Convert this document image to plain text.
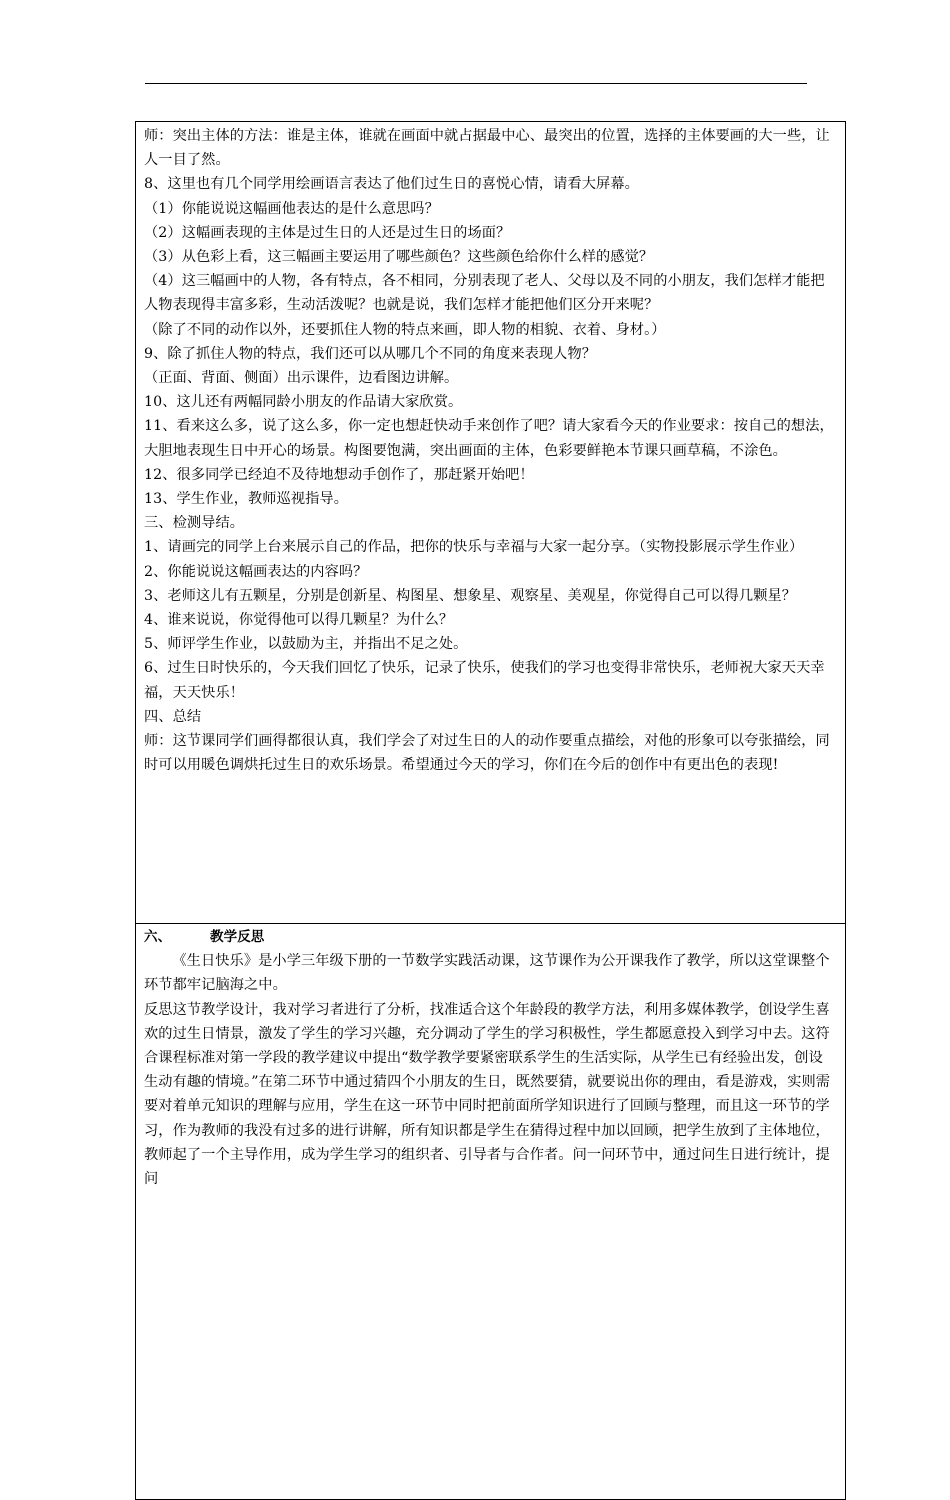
师：突出主体的方法：谁是主体，谁就在画面中就占据最中心、最突出的位置，选择的主体要画的大一些，让人一目了然。
8、这里也有几个同学用绘画语言表达了他们过生日的喜悦心情，请看大屏幕。
（1）你能说说这幅画他表达的是什么意思吗？
（2）这幅画表现的主体是过生日的人还是过生日的场面？
（3）从色彩上看，这三幅画主要运用了哪些颜色？这些颜色给你什么样的感觉？
（4）这三幅画中的人物，各有特点，各不相同，分别表现了老人、父母以及不同的小朋友，我们怎样才能把人物表现得丰富多彩，生动活泼呢？也就是说，我们怎样才能把他们区分开来呢？
（除了不同的动作以外，还要抓住人物的特点来画，即人物的相貌、衣着、身材。）
9、除了抓住人物的特点，我们还可以从哪几个不同的角度来表现人物？
（正面、背面、侧面）出示课件，边看图边讲解。
10、这儿还有两幅同龄小朋友的作品请大家欣赏。
11、看来这么多，说了这么多，你一定也想赶快动手来创作了吧？请大家看今天的作业要求：按自己的想法，大胆地表现生日中开心的场景。构图要饱满，突出画面的主体，色彩要鲜艳本节课只画草稿，不涂色。
12、很多同学已经迫不及待地想动手创作了，那赶紧开始吧！
13、学生作业，教师巡视指导。
三、检测导结。
1、请画完的同学上台来展示自己的作品，把你的快乐与幸福与大家一起分享。（实物投影展示学生作业）
2、你能说说这幅画表达的内容吗？
3、老师这儿有五颗星，分别是创新星、构图星、想象星、观察星、美观星，你觉得自己可以得几颗星？
4、谁来说说，你觉得他可以得几颗星？为什么？
5、师评学生作业，以鼓励为主，并指出不足之处。
6、过生日时快乐的，今天我们回忆了快乐，记录了快乐，使我们的学习也变得非常快乐，老师祝大家天天幸福，天天快乐！
四、总结
师：这节课同学们画得都很认真，我们学会了对过生日的人的动作要重点描绘，对他的形象可以夸张描绘，同时可以用暖色调烘托过生日的欢乐场景。希望通过今天的学习，你们在今后的创作中有更出色的表现!
六、	教学反思
《生日快乐》是小学三年级下册的一节数学实践活动课，这节课作为公开课我作了教学，所以这堂课整个环节都牢记脑海之中。
反思这节教学设计，我对学习者进行了分析，找准适合这个年龄段的教学方法，利用多媒体教学，创设学生喜欢的过生日情景，激发了学生的学习兴趣，充分调动了学生的学习积极性，学生都愿意投入到学习中去。这符合课程标准对第一学段的教学建议中提出“数学教学要紧密联系学生的生活实际，从学生已有经验出发，创设生动有趣的情境。”在第二环节中通过猜四个小朋友的生日，既然要猜，就要说出你的理由，看是游戏，实则需要对着单元知识的理解与应用，学生在这一环节中同时把前面所学知识进行了回顾与整理，而且这一环节的学习，作为教师的我没有过多的进行讲解，所有知识都是学生在猜得过程中加以回顾，把学生放到了主体地位，教师起了一个主导作用，成为学生学习的组织者、引导者与合作者。问一问环节中，通过问生日进行统计，提问
